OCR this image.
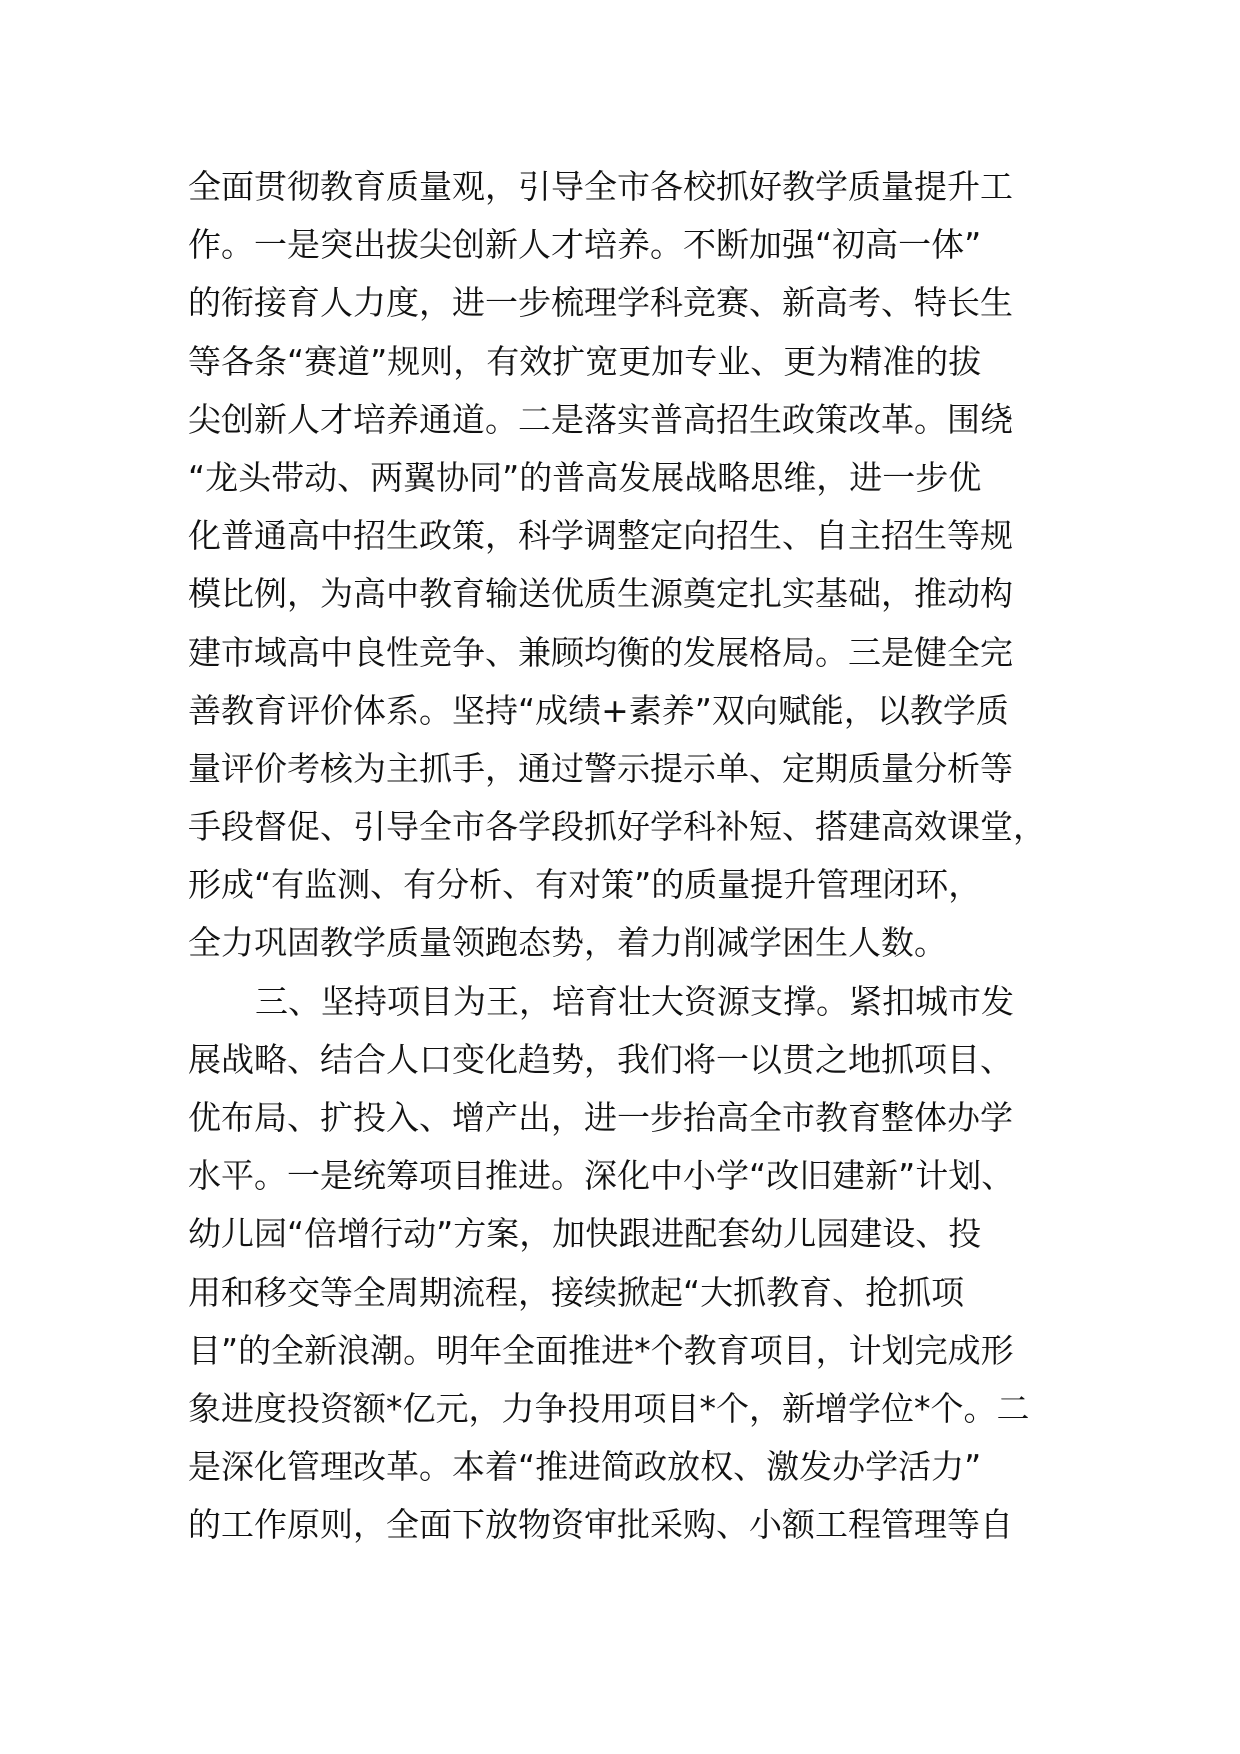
全面贯彻教育质量观，引导全市各校抓好教学质量提升工
作。一是突出拔尖创新人才培养。不断加强“初高一体”
的衔接育人力度，进一步梳理学科竞赛、新高考、特长生
等各条“赛道”规则，有效扩宽更加专业、更为精准的拔
尖创新人才培养通道。二是落实普高招生政策改革。围绕
“龙头带动、两翼协同”的普高发展战略思维，进一步优
化普通高中招生政策，科学调整定向招生、自主招生等规
模比例，为高中教育输送优质生源奠定扎实基础，推动构
建市域高中良性竞争、兼顾均衡的发展格局。三是健全完
善教育评价体系。坚持“成绩+素养”双向赋能，以教学质
量评价考核为主抓手，通过警示提示单、定期质量分析等
手段督促、引导全市各学段抓好学科补短、搭建高效课堂，
形成“有监测、有分析、有对策”的质量提升管理闭环，
全力巩固教学质量领跑态势，着力削减学困生人数。
三、坚持项目为王，培育壮大资源支撑。紧扣城市发
展战略、结合人口变化趋势，我们将一以贯之地抓项目、
优布局、扩投入、增产出，进一步抬高全市教育整体办学
水平。一是统筹项目推进。深化中小学“改旧建新”计划、
幼儿园“倍增行动”方案，加快跟进配套幼儿园建设、投
用和移交等全周期流程，接续掀起“大抓教育、抢抓项
目”的全新浪潮。明年全面推进*个教育项目，计划完成形
象进度投资额*亿元，力争投用项目*个，新增学位*个。二
是深化管理改革。本着“推进简政放权、激发办学活力”
的工作原则，全面下放物资审批采购、小额工程管理等自
